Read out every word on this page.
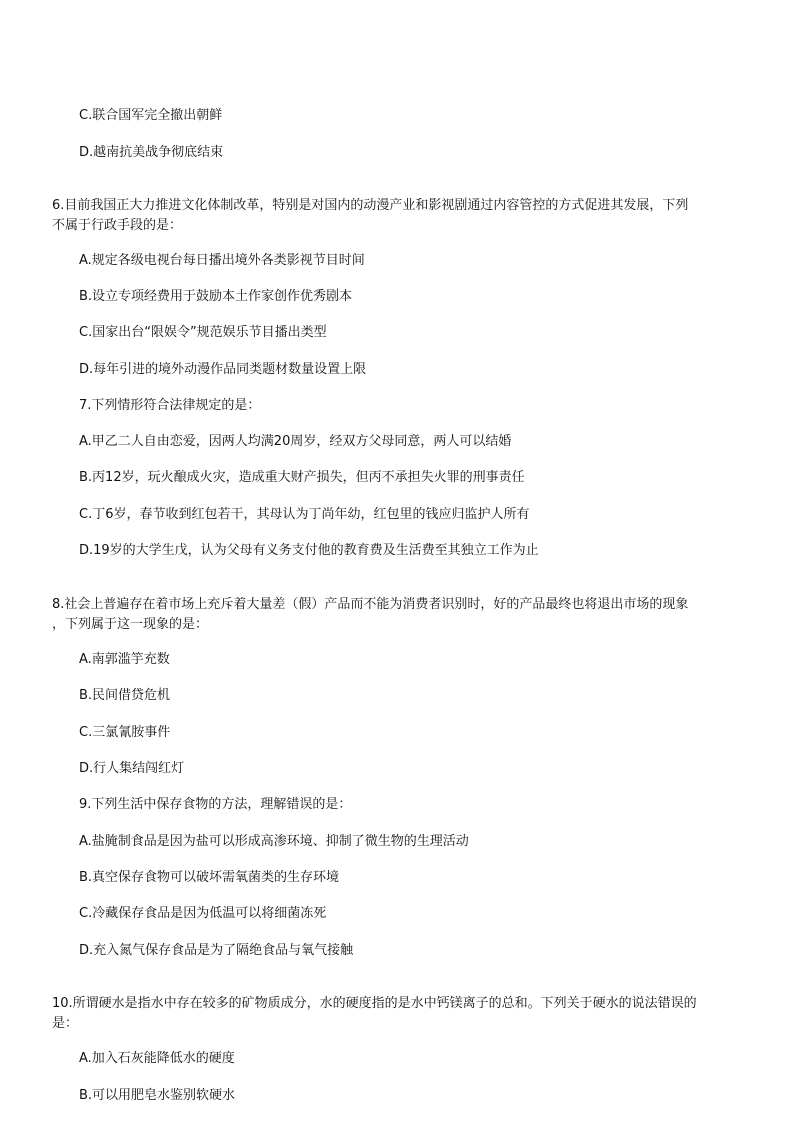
C.联合国军完全撤出朝鲜
D.越南抗美战争彻底结束
6.目前我国正大力推进文化体制改革，特别是对国内的动漫产业和影视剧通过内容管控的方式促进其发展，下列
不属于行政手段的是：
A.规定各级电视台每日播出境外各类影视节目时间
B.设立专项经费用于鼓励本土作家创作优秀剧本
C.国家出台“限娱令”规范娱乐节目播出类型
D.每年引进的境外动漫作品同类题材数量设置上限
7.下列情形符合法律规定的是：
A.甲乙二人自由恋爱，因两人均满20周岁，经双方父母同意，两人可以结婚
B.丙12岁，玩火酿成火灾，造成重大财产损失，但丙不承担失火罪的刑事责任
C.丁6岁，春节收到红包若干，其母认为丁尚年幼，红包里的钱应归监护人所有
D.19岁的大学生戊，认为父母有义务支付他的教育费及生活费至其独立工作为止
8.社会上普遍存在着市场上充斥着大量差（假）产品而不能为消费者识别时，好的产品最终也将退出市场的现象
，下列属于这一现象的是：
A.南郭滥竽充数
B.民间借贷危机
C.三氯氰胺事件
D.行人集结闯红灯
9.下列生活中保存食物的方法，理解错误的是：
A.盐腌制食品是因为盐可以形成高渗环境、抑制了微生物的生理活动
B.真空保存食物可以破坏需氧菌类的生存环境
C.冷藏保存食品是因为低温可以将细菌冻死
D.充入氮气保存食品是为了隔绝食品与氧气接触
10.所谓硬水是指水中存在较多的矿物质成分，水的硬度指的是水中钙镁离子的总和。下列关于硬水的说法错误的
是：
A.加入石灰能降低水的硬度
B.可以用肥皂水鉴别软硬水
